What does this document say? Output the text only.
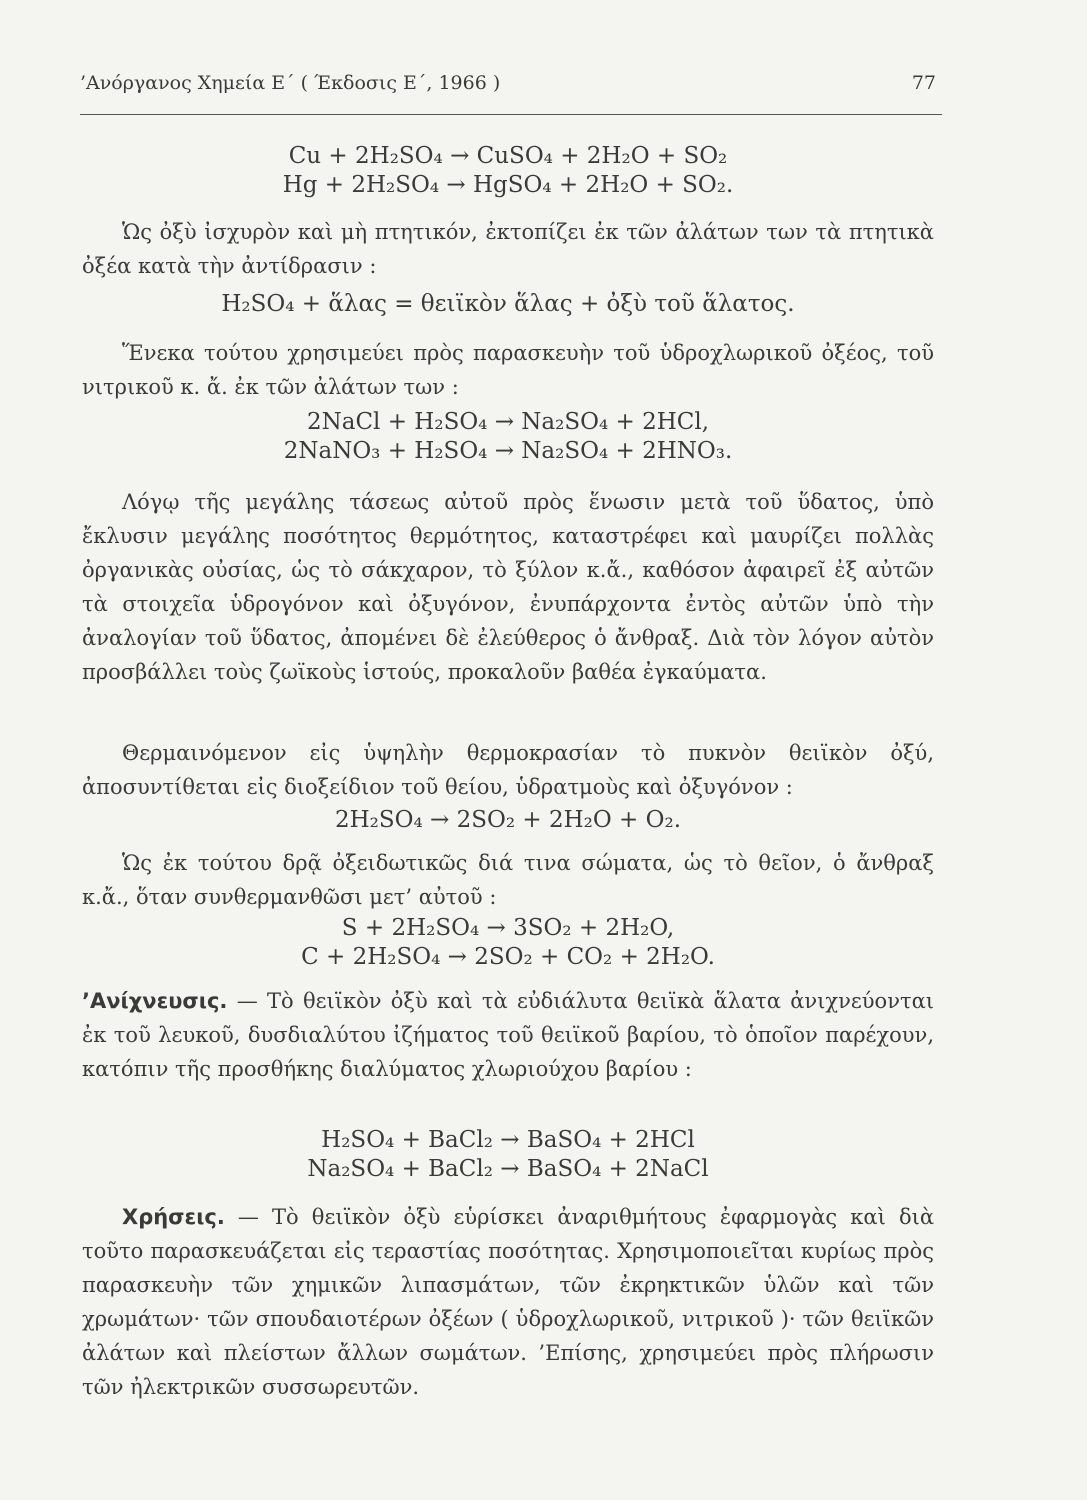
’Ανόργανος Χημεία Ε΄ ( Έκδοσις Ε΄, 1966 )	77
Cu + 2H₂SO₄ → CuSO₄ + 2H₂O + SO₂
Hg + 2H₂SO₄ → HgSO₄ + 2H₂O + SO₂.

Ὡς ὀξὺ ἰσχυρὸν καὶ μὴ πτητικόν, ἐκτοπίζει ἐκ τῶν ἀλάτων των τὰ πτητικὰ ὀξέα κατὰ τὴν ἀντίδρασιν :

H₂SO₄ + ἅλας = θειϊκὸν ἅλας + ὀξὺ τοῦ ἅλατος.

Ἕνεκα τούτου χρησιμεύει πρὸς παρασκευὴν τοῦ ὑδροχλωρικοῦ ὀξέος, τοῦ νιτρικοῦ κ. ἄ. ἐκ τῶν ἀλάτων των :

2NaCl + H₂SO₄ → Na₂SO₄ + 2HCl,
2NaNO₃ + H₂SO₄ → Na₂SO₄ + 2HNO₃.

Λόγῳ τῆς μεγάλης τάσεως αὐτοῦ πρὸς ἕνωσιν μετὰ τοῦ ὕδατος, ὑπὸ ἔκλυσιν μεγάλης ποσότητος θερμότητος, καταστρέφει καὶ μαυρίζει πολλὰς ὀργανικὰς οὐσίας, ὡς τὸ σάκχαρον, τὸ ξύλον κ.ἄ., καθόσον ἀφαιρεῖ ἐξ αὐτῶν τὰ στοιχεῖα ὑδρογόνον καὶ ὀξυγόνον, ἐνυπάρχοντα ἐντὸς αὐτῶν ὑπὸ τὴν ἀναλογίαν τοῦ ὕδατος, ἀπομένει δὲ ἐλεύθερος ὁ ἄνθραξ. Διὰ τὸν λόγον αὐτὸν προσβάλλει τοὺς ζωϊκοὺς ἱστούς, προκαλοῦν βαθέα ἐγκαύματα.

Θερμαινόμενον εἰς ὑψηλὴν θερμοκρασίαν τὸ πυκνὸν θειϊκὸν ὀξύ, ἀποσυντίθεται εἰς διοξείδιον τοῦ θείου, ὑδρατμοὺς καὶ ὀξυγόνον :

2H₂SO₄ → 2SO₂ + 2H₂O + O₂.

Ὡς ἐκ τούτου δρᾷ ὀξειδωτικῶς διά τινα σώματα, ὡς τὸ θεῖον, ὁ ἄνθραξ κ.ἄ., ὅταν συνθερμανθῶσι μετ’ αὐτοῦ :

S + 2H₂SO₄ → 3SO₂ + 2H₂O,
C + 2H₂SO₄ → 2SO₂ + CO₂ + 2H₂O.

’Ανίχνευσις. — Τὸ θειϊκὸν ὀξὺ καὶ τὰ εὐδιάλυτα θειϊκὰ ἅλατα ἀνιχνεύονται ἐκ τοῦ λευκοῦ, δυσδιαλύτου ἰζήματος τοῦ θειϊκοῦ βαρίου, τὸ ὁποῖον παρέχουν, κατόπιν τῆς προσθήκης διαλύματος χλωριούχου βαρίου :

H₂SO₄ + BaCl₂ → BaSO₄ + 2HCl
Na₂SO₄ + BaCl₂ → BaSO₄ + 2NaCl

Χρήσεις. — Τὸ θειϊκὸν ὀξὺ εὑρίσκει ἀναριθμήτους ἐφαρμογὰς καὶ διὰ τοῦτο παρασκευάζεται εἰς τεραστίας ποσότητας. Χρησιμοποιεῖται κυρίως πρὸς παρασκευὴν τῶν χημικῶν λιπασμάτων, τῶν ἐκρηκτικῶν ὑλῶν καὶ τῶν χρωμάτων· τῶν σπουδαιοτέρων ὀξέων ( ὑδροχλωρικοῦ, νιτρικοῦ )· τῶν θειϊκῶν ἀλάτων καὶ πλείστων ἄλλων σωμάτων. ’Επίσης, χρησιμεύει πρὸς πλήρωσιν τῶν ἠλεκτρικῶν συσσωρευτῶν.
